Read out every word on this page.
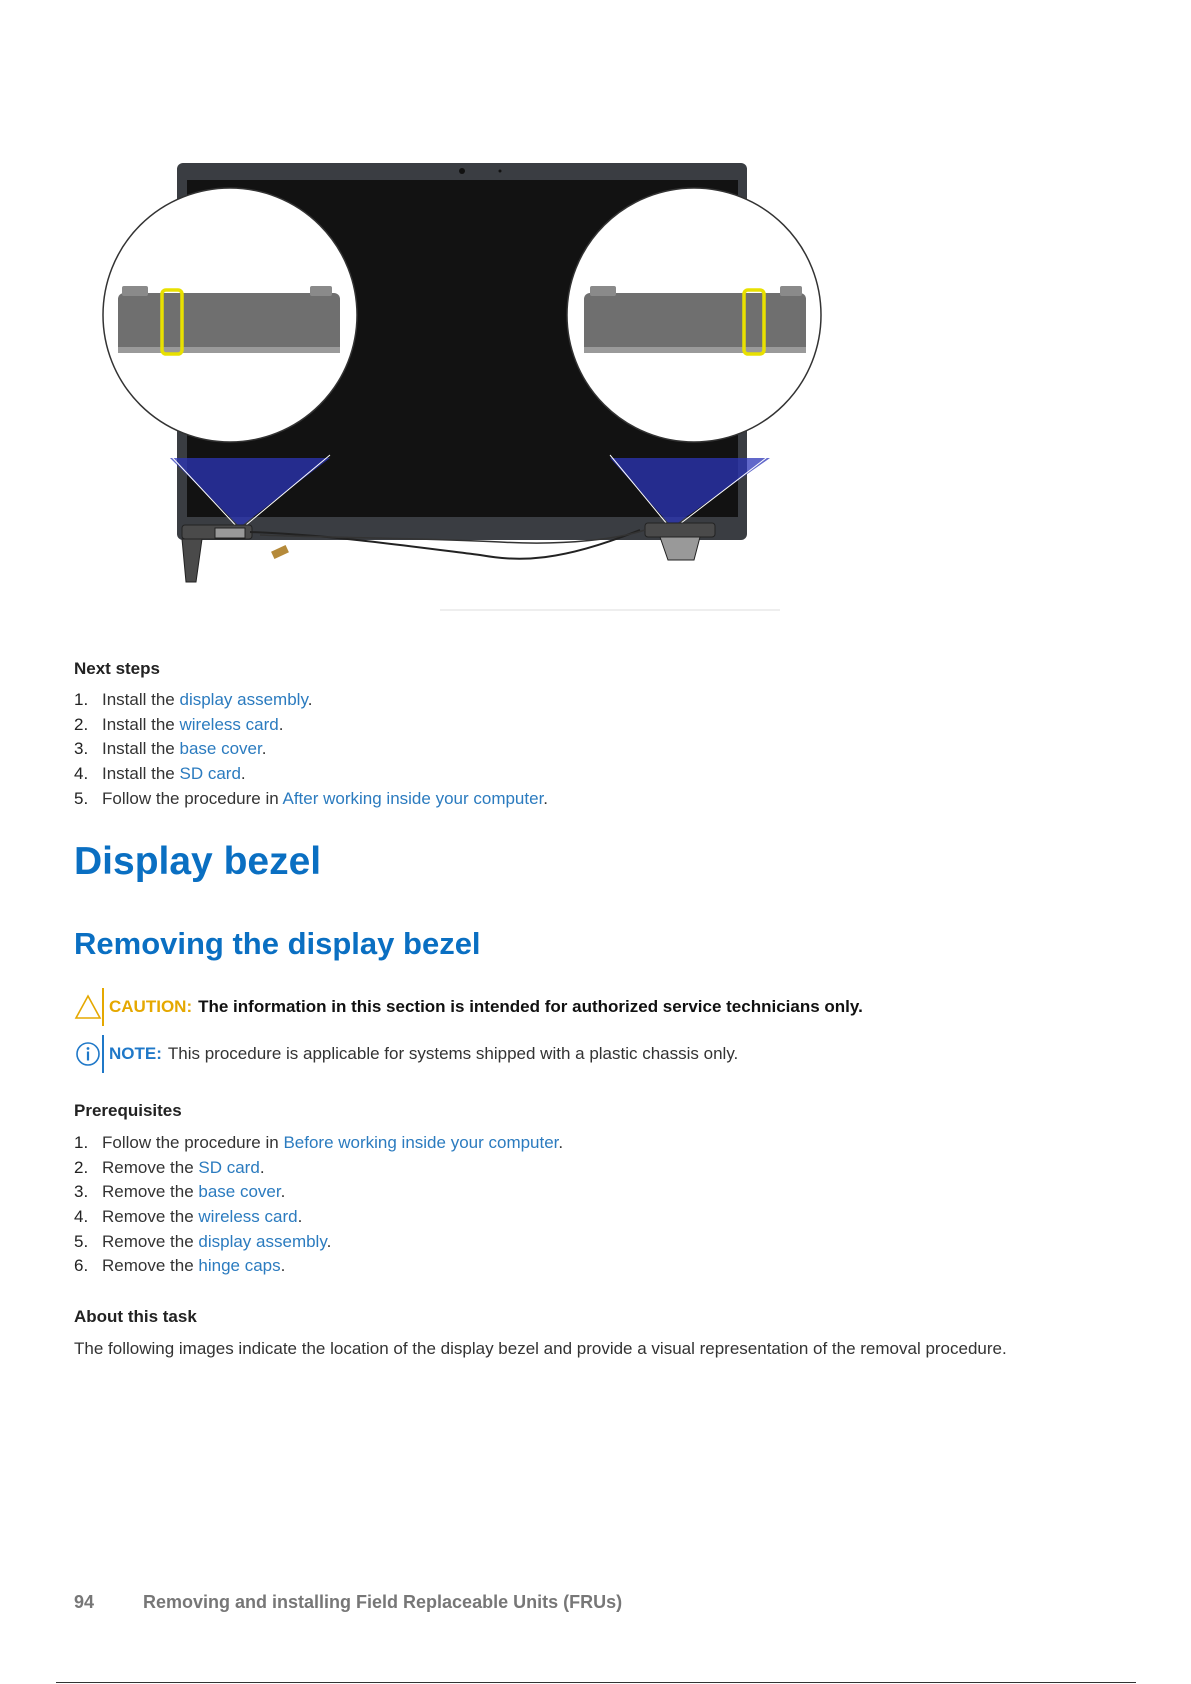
Next steps
1. Install the display assembly.
2. Install the wireless card.
3. Install the base cover.
4. Install the SD card.
5. Follow the procedure in After working inside your computer.
Display bezel
Removing the display bezel
CAUTION: The information in this section is intended for authorized service technicians only.
NOTE: This procedure is applicable for systems shipped with a plastic chassis only.
Prerequisites
1. Follow the procedure in Before working inside your computer.
2. Remove the SD card.
3. Remove the base cover.
4. Remove the wireless card.
5. Remove the display assembly.
6. Remove the hinge caps.
About this task

The following images indicate the location of the display bezel and provide a visual representation of the removal procedure.

94	Removing and installing Field Replaceable Units (FRUs)
